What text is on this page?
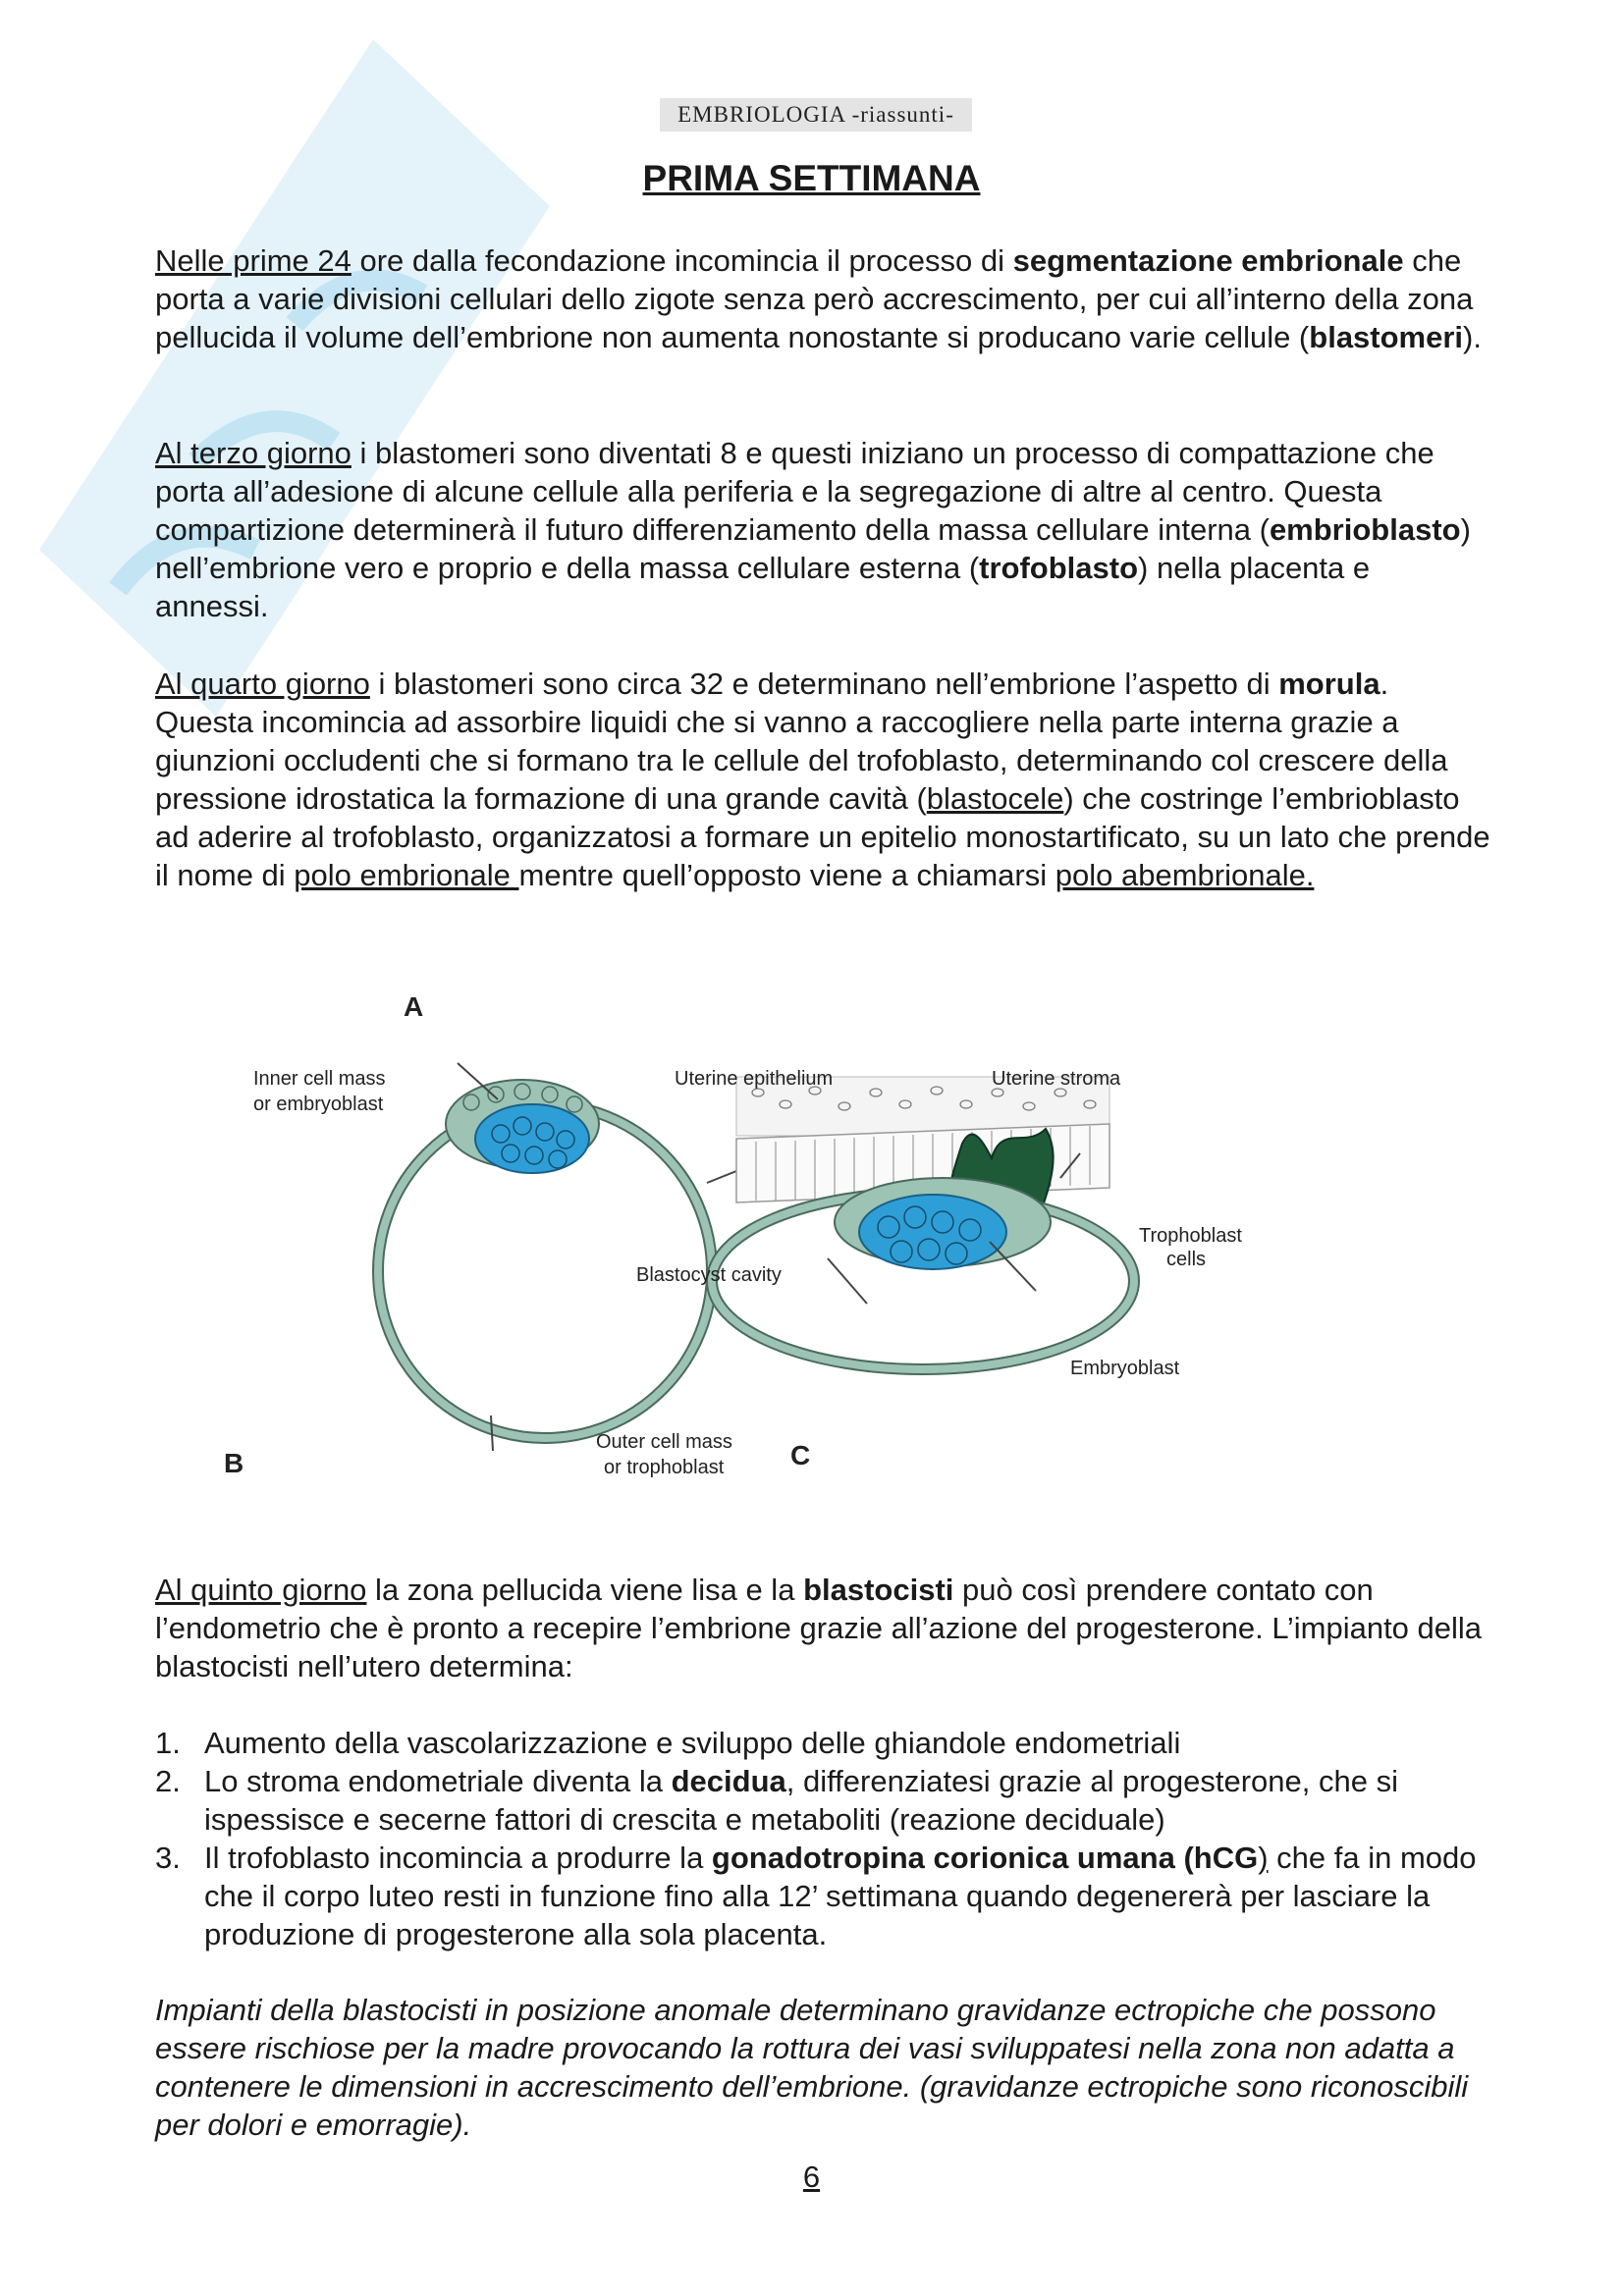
EMBRIOLOGIA -riassunti-
PRIMA SETTIMANA

Nelle prime 24 ore dalla fecondazione incomincia il processo di segmentazione embrionale che porta a varie divisioni cellulari dello zigote senza però accrescimento, per cui all’interno della zona pellucida il volume dell’embrione non aumenta nonostante si producano varie cellule (blastomeri).

Al terzo giorno i blastomeri sono diventati 8 e questi iniziano un processo di compattazione che porta all’adesione di alcune cellule alla periferia e la segregazione di altre al centro. Questa compartizione determinerà il futuro differenziamento della massa cellulare interna (embrioblasto) nell’embrione vero e proprio e della massa cellulare esterna (trofoblasto) nella placenta e annessi.

Al quarto giorno i blastomeri sono circa 32 e determinano nell’embrione l’aspetto di morula. Questa incomincia ad assorbire liquidi che si vanno a raccogliere nella parte interna grazie a giunzioni occludenti che si formano tra le cellule del trofoblasto, determinando col crescere della pressione idrostatica la formazione di una grande cavità (blastocele) che costringe l’embrioblasto ad aderire al trofoblasto, organizzatosi a formare un epitelio monostartificato, su un lato che prende il nome di polo embrionale mentre quell’opposto viene a chiamarsi polo abembrionale.

A
B	C
Inner cell mass
or embryoblast
Uterine epithelium	Uterine stroma
Trophoblast
cells
Blastocyst cavity
Embryoblast
Outer cell mass
or trophoblast

Al quinto giorno la zona pellucida viene lisa e la blastocisti può così prendere contato con l’endometrio che è pronto a recepire l’embrione grazie all’azione del progesterone. L’impianto della blastocisti nell’utero determina:

1. Aumento della vascolarizzazione e sviluppo delle ghiandole endometriali
2. Lo stroma endometriale diventa la decidua, differenziatesi grazie al progesterone, che si ispessisce e secerne fattori di crescita e metaboliti (reazione deciduale)
3. Il trofoblasto incomincia a produrre la gonadotropina corionica umana (hCG) che fa in modo che il corpo luteo resti in funzione fino alla 12’ settimana quando degenererà per lasciare la produzione di progesterone alla sola placenta.

Impianti della blastocisti in posizione anomale determinano gravidanze ectropiche che possono essere rischiose per la madre provocando la rottura dei vasi sviluppatesi nella zona non adatta a contenere le dimensioni in accrescimento dell’embrione. (gravidanze ectropiche sono riconoscibili per dolori e emorragie).

6
